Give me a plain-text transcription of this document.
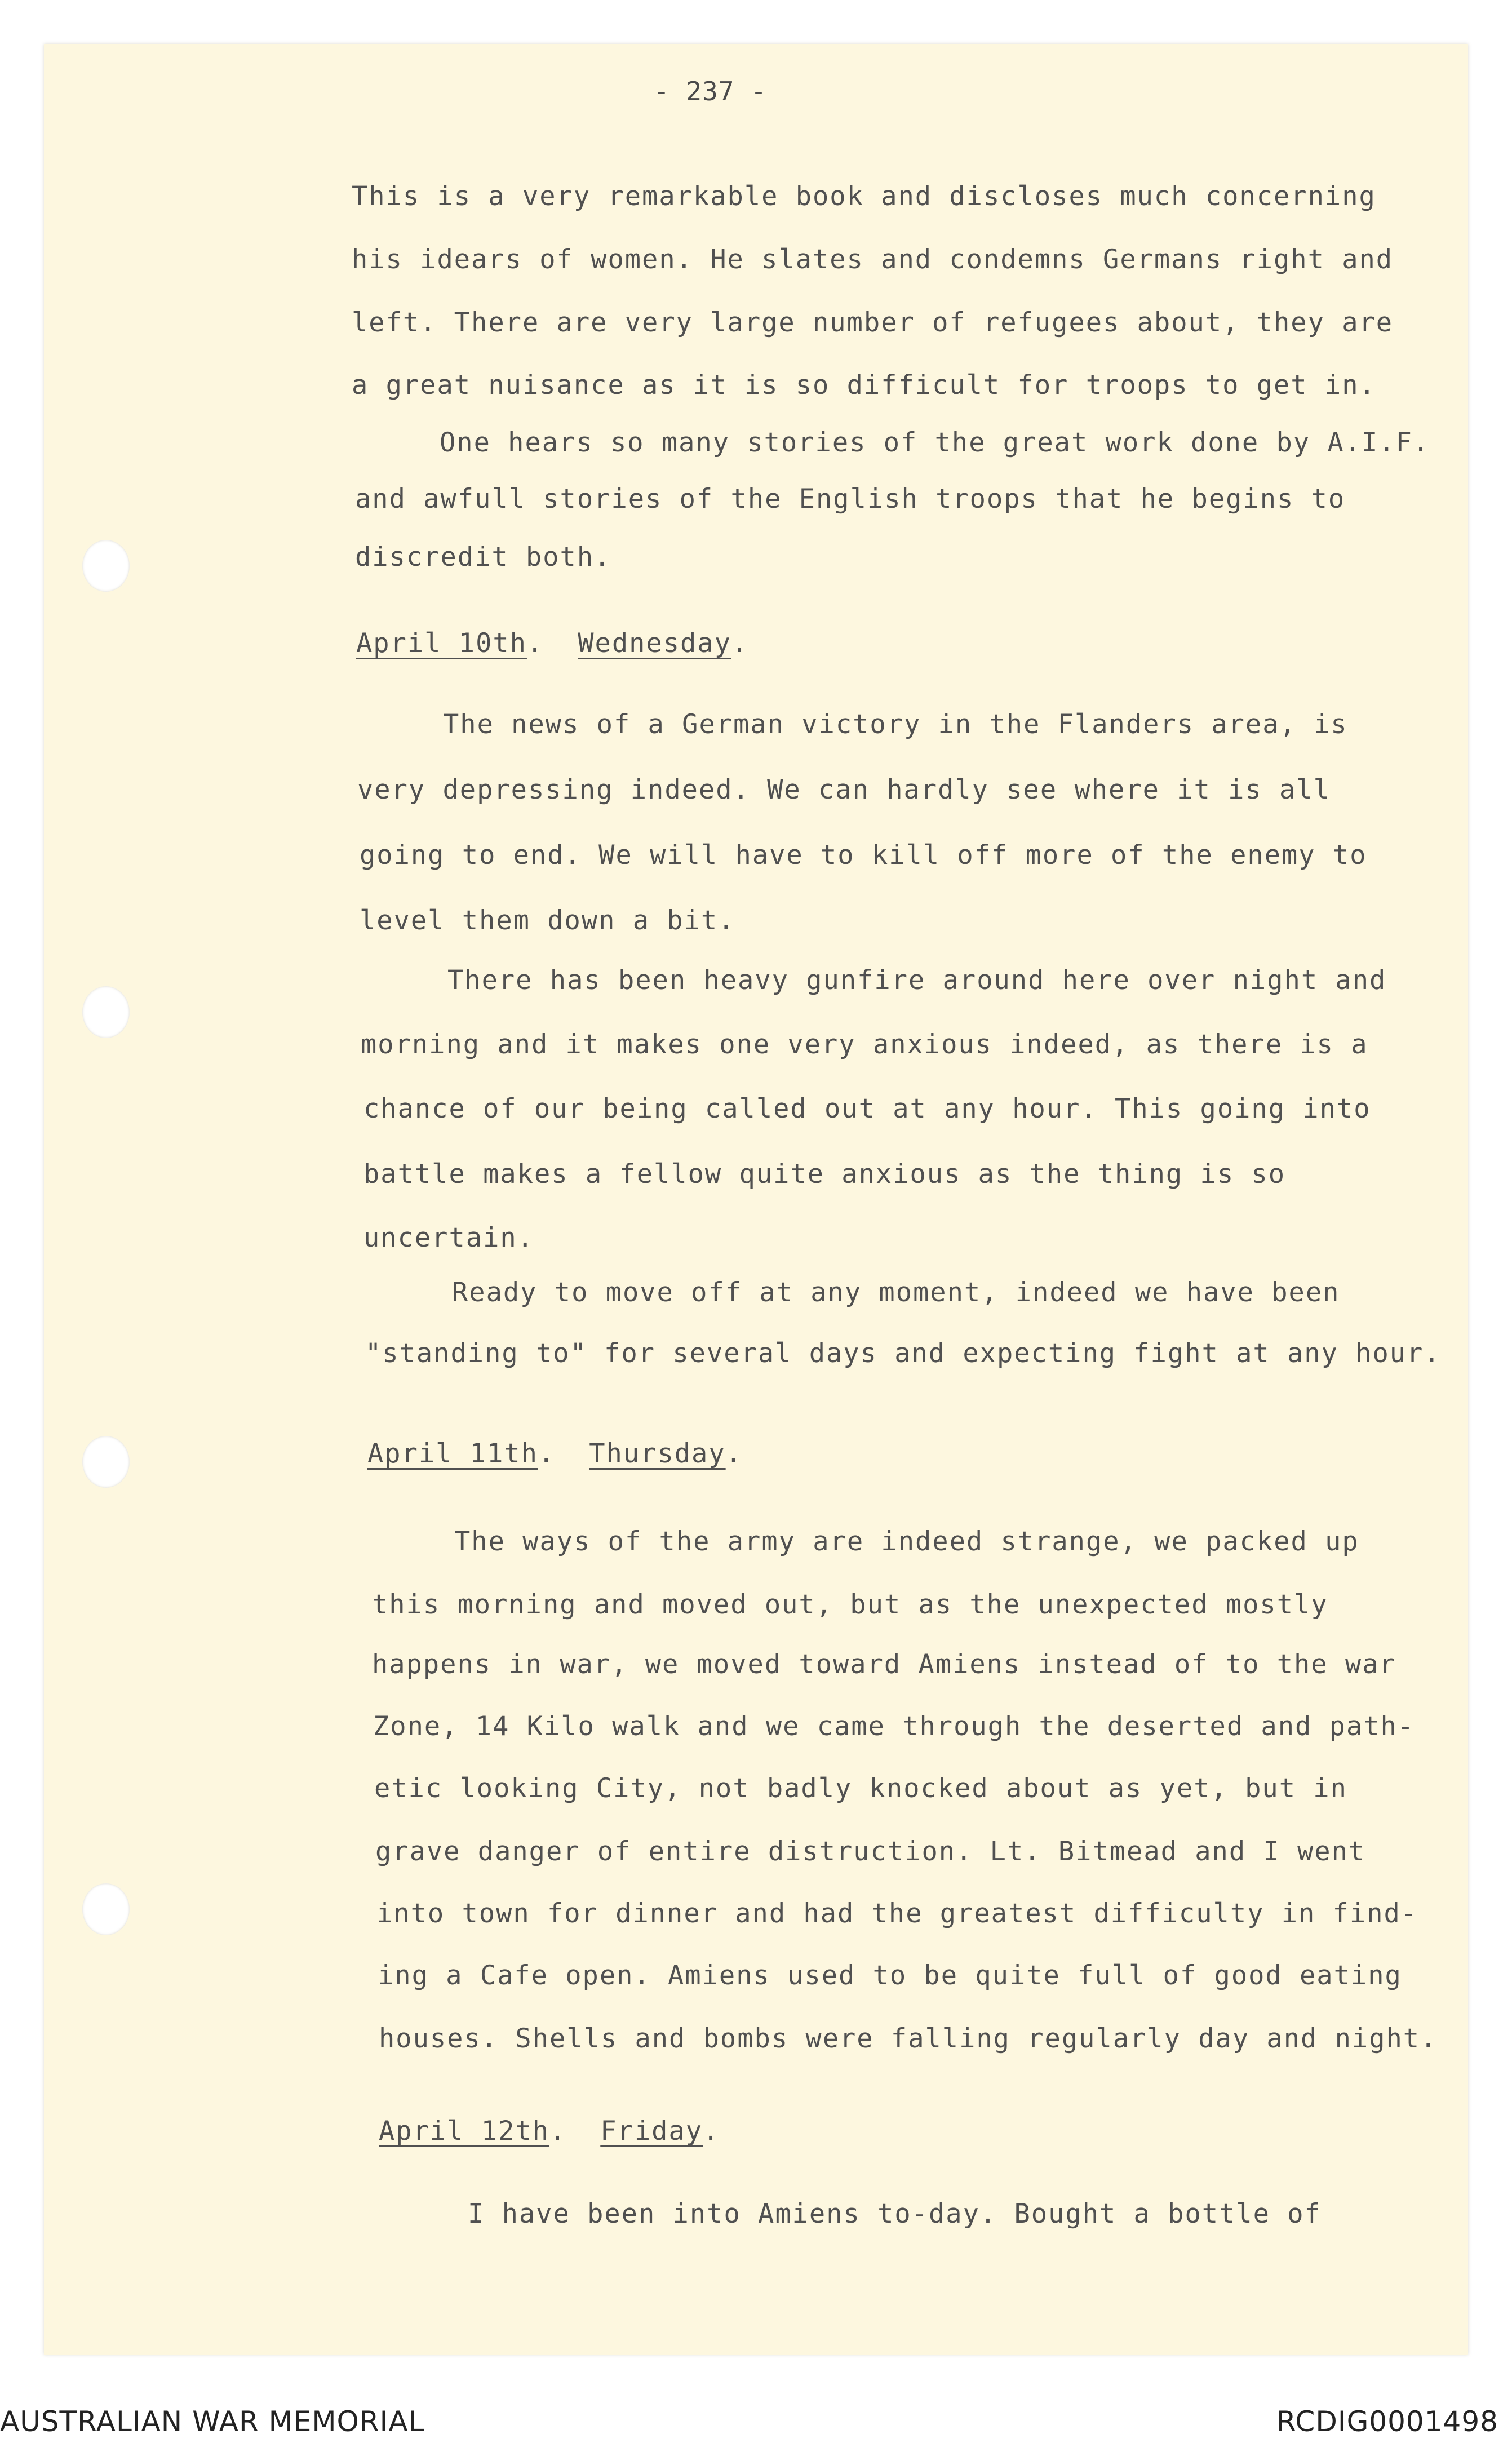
- 237 -
This is a very remarkable book and discloses much concerning
his idears of women. He slates and condemns Germans right and
left. There are very large number of refugees about, they are
a great nuisance as it is so difficult for troops to get in.
One hears so many stories of the great work done by A.I.F.
and awfull stories of the English troops that he begins to
discredit both.
April 10th. Wednesday.
The news of a German victory in the Flanders area, is
very depressing indeed. We can hardly see where it is all
going to end. We will have to kill off more of the enemy to
level them down a bit.
There has been heavy gunfire around here over night and
morning and it makes one very anxious indeed, as there is a
chance of our being called out at any hour. This going into
battle makes a fellow quite anxious as the thing is so
uncertain.
Ready to move off at any moment, indeed we have been
"standing to" for several days and expecting fight at any hour.
April 11th. Thursday.
The ways of the army are indeed strange, we packed up
this morning and moved out, but as the unexpected mostly
happens in war, we moved toward Amiens instead of to the war
Zone, 14 Kilo walk and we came through the deserted and path-
etic looking City, not badly knocked about as yet, but in
grave danger of entire distruction. Lt. Bitmead and I went
into town for dinner and had the greatest difficulty in find-
ing a Cafe open. Amiens used to be quite full of good eating
houses. Shells and bombs were falling regularly day and night.
April 12th. Friday.
I have been into Amiens to-day. Bought a bottle of
AUSTRALIAN WAR MEMORIAL	RCDIG0001498
